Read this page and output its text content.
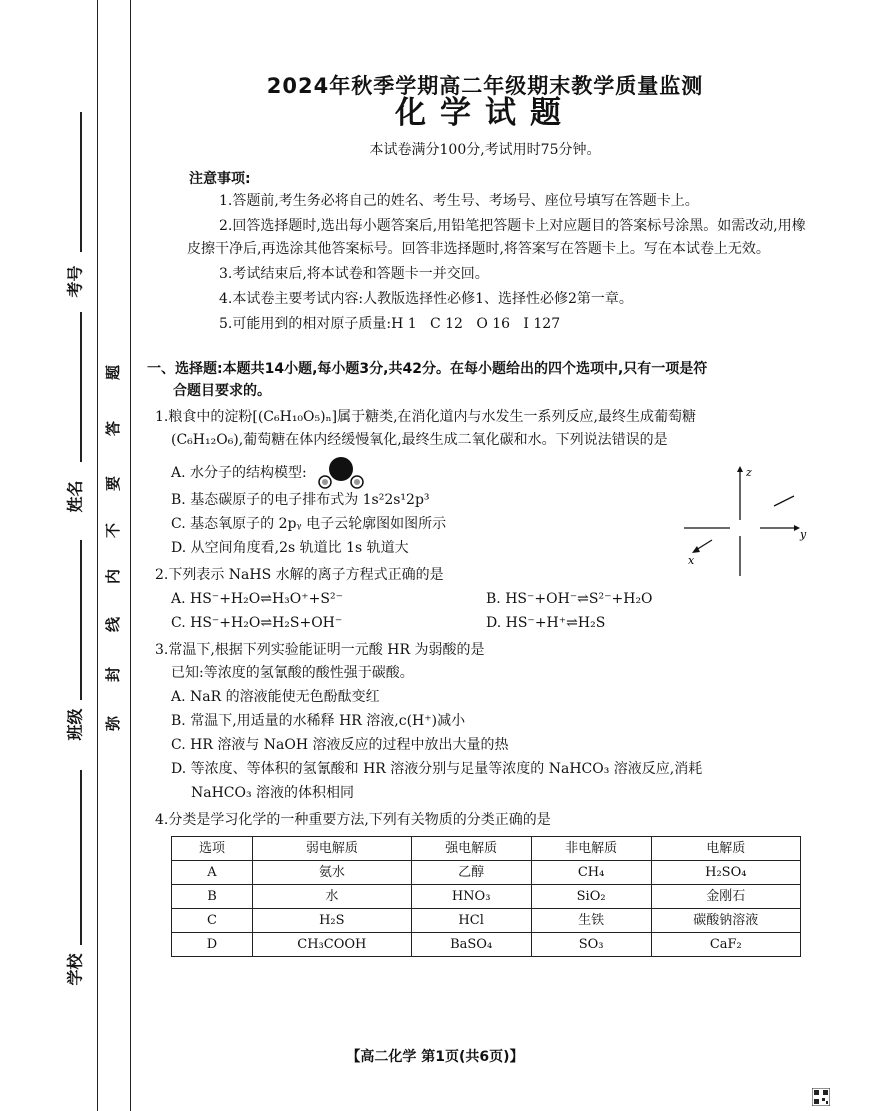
考号
姓名
班级
学校
题
答
要
不
内
线
封
弥
2024年秋季学期高二年级期末教学质量监测
化学试题
本试卷满分100分,考试用时75分钟。
注意事项:

1.答题前,考生务必将自己的姓名、考生号、考场号、座位号填写在答题卡上。

2.回答选择题时,选出每小题答案后,用铅笔把答题卡上对应题目的答案标号涂黑。如需改动,用橡皮擦干净后,再选涂其他答案标号。回答非选择题时,将答案写在答题卡上。写在本试卷上无效。

3.考试结束后,将本试卷和答题卡一并交回。

4.本试卷主要考试内容:人教版选择性必修1、选择性必修2第一章。

5.可能用到的相对原子质量:H 1   C 12   O 16   I 127

一、选择题:本题共14小题,每小题3分,共42分。在每小题给出的四个选项中,只有一项是符
合题目要求的。
1.粮食中的淀粉[(C₆H₁₀O₅)ₙ]属于糖类,在消化道内与水发生一系列反应,最终生成葡萄糖
(C₆H₁₂O₆),葡萄糖在体内经缓慢氧化,最终生成二氧化碳和水。下列说法错误的是
A. 水分子的结构模型:
B. 基态碳原子的电子排布式为 1s²2s¹2p³
C. 基态氧原子的 2pᵧ 电子云轮廓图如图所示
D. 从空间角度看,2s 轨道比 1s 轨道大
z
y
x
2.下列表示 NaHS 水解的离子方程式正确的是
A. HS⁻+H₂O⇌H₃O⁺+S²⁻	B. HS⁻+OH⁻⇌S²⁻+H₂O
C. HS⁻+H₂O⇌H₂S+OH⁻	D. HS⁻+H⁺⇌H₂S
3.常温下,根据下列实验能证明一元酸 HR 为弱酸的是
已知:等浓度的氢氰酸的酸性强于碳酸。
A. NaR 的溶液能使无色酚酞变红
B. 常温下,用适量的水稀释 HR 溶液,c(H⁺)减小
C. HR 溶液与 NaOH 溶液反应的过程中放出大量的热
D. 等浓度、等体积的氢氰酸和 HR 溶液分别与足量等浓度的 NaHCO₃ 溶液反应,消耗
NaHCO₃ 溶液的体积相同
4.分类是学习化学的一种重要方法,下列有关物质的分类正确的是
选项	弱电解质	强电解质	非电解质	电解质
A	氨水	乙醇	CH₄	H₂SO₄
B	水	HNO₃	SiO₂	金刚石
C	H₂S	HCl	生铁	碳酸钠溶液
D	CH₃COOH	BaSO₄	SO₃	CaF₂
【高二化学 第1页(共6页)】
